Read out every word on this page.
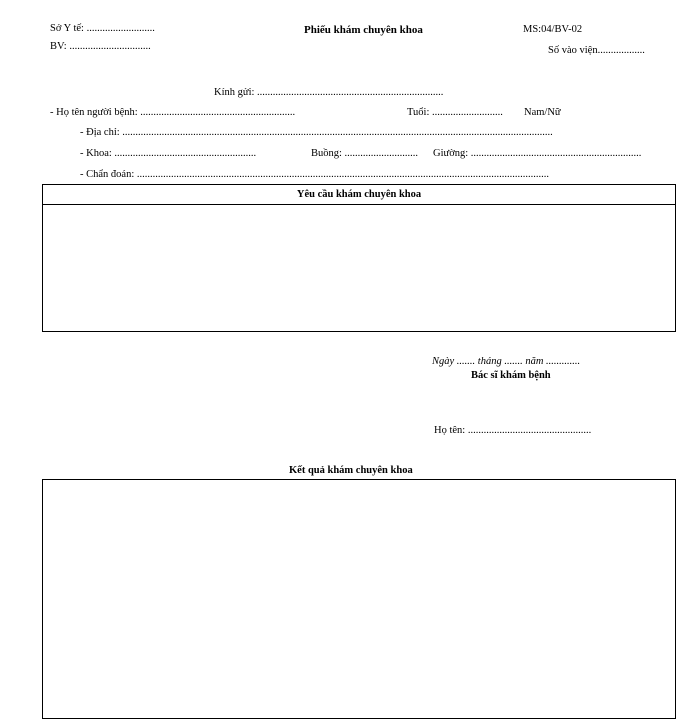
Sở Y tế: ..........................
BV: ...............................
Phiếu khám chuyên khoa	MS:04/BV-02
Số vào viện..................
Kính gửi: .......................................................................
- Họ tên người bệnh: ...........................................................	Tuổi: ........................... Nam/Nữ
- Địa chỉ: ....................................................................................................................................................................
- Khoa: ......................................................	Buồng: ............................ Giường: .................................................................
- Chẩn đoán: .............................................................................................................................................................
Yêu cầu khám chuyên khoa
Ngày ....... tháng ....... năm .............
Bác sĩ khám bệnh
Họ tên: ...............................................
Kết quả khám chuyên khoa
